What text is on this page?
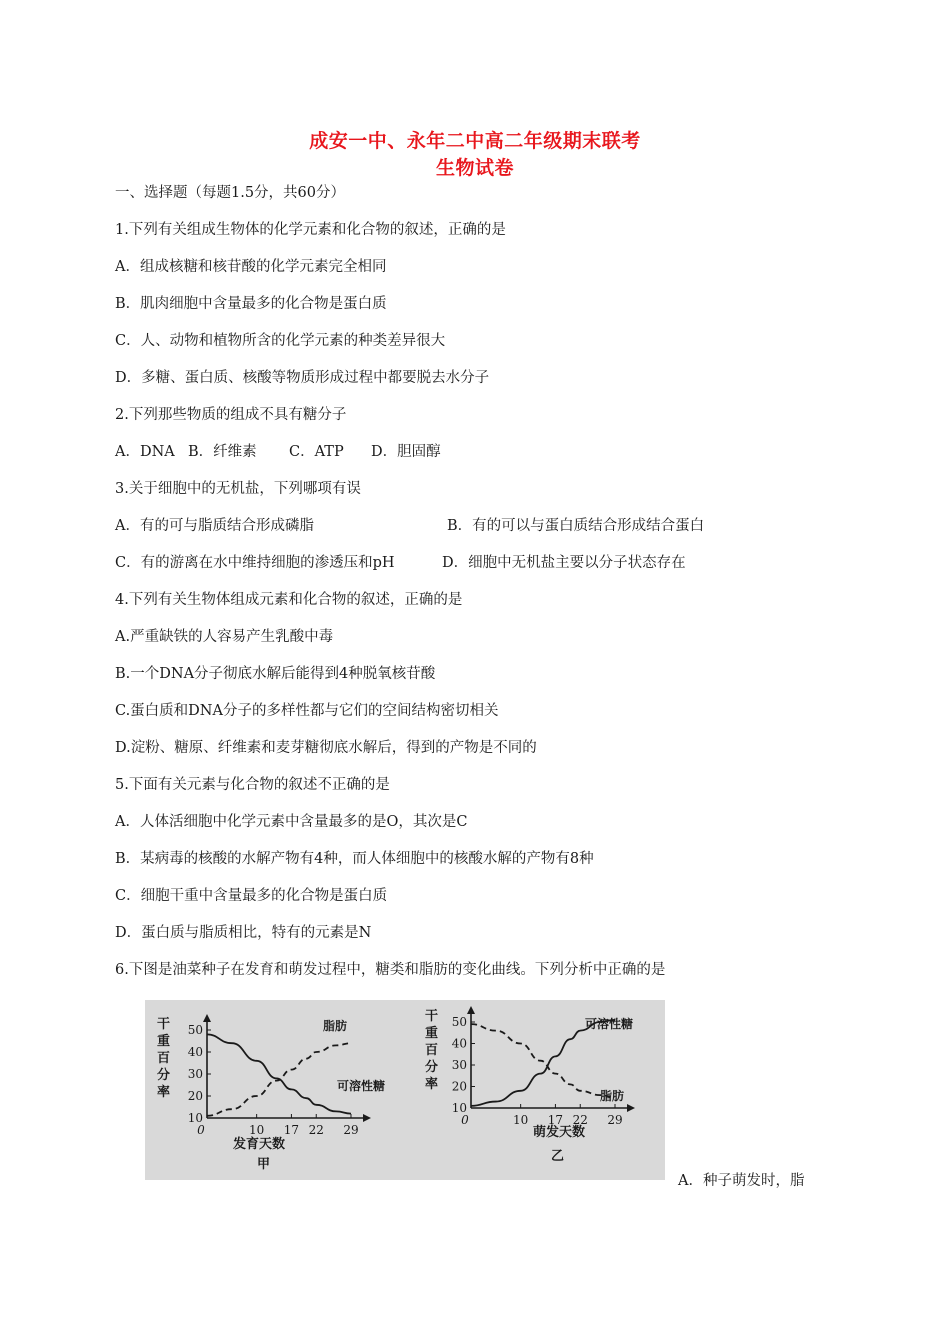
成安一中、永年二中高二年级期末联考
生物试卷
一、选择题（每题1.5分，共60分）
1.下列有关组成生物体的化学元素和化合物的叙述，正确的是
A．组成核糖和核苷酸的化学元素完全相同
B．肌肉细胞中含量最多的化合物是蛋白质
C．人、动物和植物所含的化学元素的种类差异很大
D．多糖、蛋白质、核酸等物质形成过程中都要脱去水分子
2.下列那些物质的组成不具有糖分子
A．DNA B．纤维素 C．ATP D．胆固醇
3.关于细胞中的无机盐，下列哪项有误
A．有的可与脂质结合形成磷脂	B．有的可以与蛋白质结合形成结合蛋白
C．有的游离在水中维持细胞的渗透压和pH	D．细胞中无机盐主要以分子状态存在
4.下列有关生物体组成元素和化合物的叙述，正确的是
A.严重缺铁的人容易产生乳酸中毒
B.一个DNA分子彻底水解后能得到4种脱氧核苷酸
C.蛋白质和DNA分子的多样性都与它们的空间结构密切相关
D.淀粉、糖原、纤维素和麦芽糖彻底水解后，得到的产物是不同的
5.下面有关元素与化合物的叙述不正确的是
A．人体活细胞中化学元素中含量最多的是O，其次是C
B．某病毒的核酸的水解产物有4种，而人体细胞中的核酸水解的产物有8种
C．细胞干重中含量最多的化合物是蛋白质
D．蛋白质与脂质相比，特有的元素是N
6.下图是油菜种子在发育和萌发过程中，糖类和脂肪的变化曲线。下列分析中正确的是
干
重
百
分
率
脂肪
可溶性糖
发育天数
甲
干
重
百
分
率
可溶性糖
脂肪
萌发天数
乙
10
20
30
40
50
0	10 17 22 29
10
20
30
40
50
0	10 17 22 29
A．种子萌发时，脂
